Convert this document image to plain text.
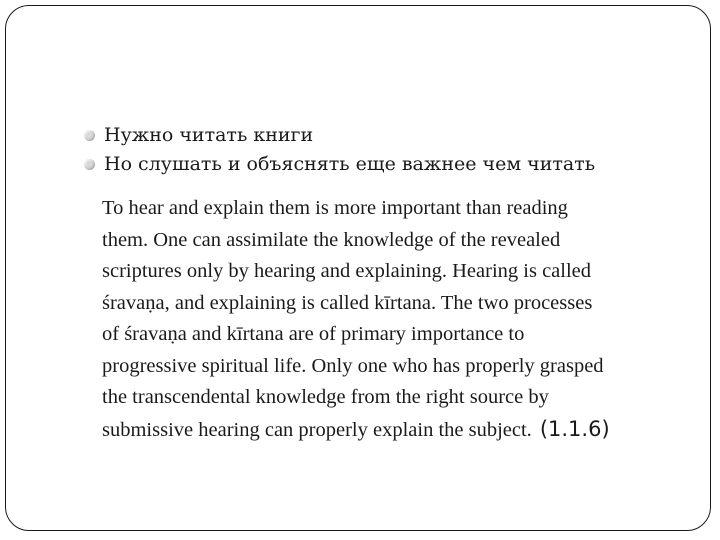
Нужно читать книги
Но слушать и объяснять еще важнее чем читать
To hear and explain them is more important than reading
them. One can assimilate the knowledge of the revealed
scriptures only by hearing and explaining. Hearing is called
śravaṇa, and explaining is called kīrtana. The two processes
of śravaṇa and kīrtana are of primary importance to
progressive spiritual life. Only one who has properly grasped
the transcendental knowledge from the right source by
submissive hearing can properly explain the subject. (1.1.6)
